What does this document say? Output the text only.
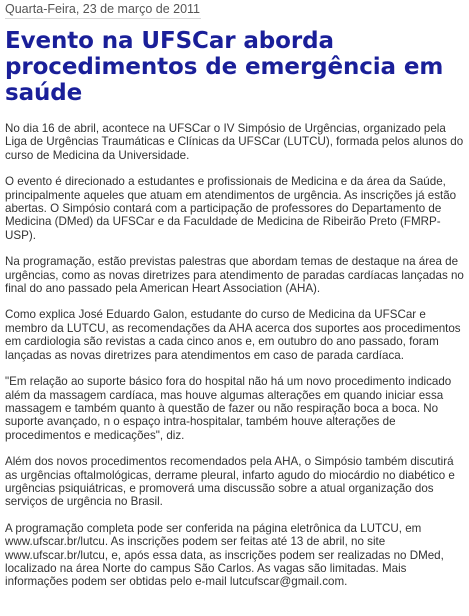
Quarta-Feira, 23 de março de 2011
Evento na UFSCar aborda procedimentos de emergência em saúde

No dia 16 de abril, acontece na UFSCar o IV Simpósio de Urgências, organizado pela Liga de Urgências Traumáticas e Clínicas da UFSCar (LUTCU), formada pelos alunos do curso de Medicina da Universidade.

O evento é direcionado a estudantes e profissionais de Medicina e da área da Saúde, principalmente aqueles que atuam em atendimentos de urgência. As inscrições já estão abertas. O Simpósio contará com a participação de professores do Departamento de Medicina (DMed) da UFSCar e da Faculdade de Medicina de Ribeirão Preto (FMRP-USP).

Na programação, estão previstas palestras que abordam temas de destaque na área de urgências, como as novas diretrizes para atendimento de paradas cardíacas lançadas no final do ano passado pela American Heart Association (AHA).

Como explica José Eduardo Galon, estudante do curso de Medicina da UFSCar e membro da LUTCU, as recomendações da AHA acerca dos suportes aos procedimentos em cardiologia são revistas a cada cinco anos e, em outubro do ano passado, foram lançadas as novas diretrizes para atendimentos em caso de parada cardíaca.

"Em relação ao suporte básico fora do hospital não há um novo procedimento indicado além da massagem cardíaca, mas houve algumas alterações em quando iniciar essa massagem e também quanto à questão de fazer ou não respiração boca a boca. No suporte avançado, n o espaço intra-hospitalar, também houve alterações de procedimentos e medicações", diz.

Além dos novos procedimentos recomendados pela AHA, o Simpósio também discutirá as urgências oftalmológicas, derrame pleural, infarto agudo do miocárdio no diabético e urgências psiquiátricas, e promoverá uma discussão sobre a atual organização dos serviços de urgência no Brasil.

A programação completa pode ser conferida na página eletrônica da LUTCU, em www.ufscar.br/lutcu. As inscrições podem ser feitas até 13 de abril, no site www.ufscar.br/lutcu, e, após essa data, as inscrições podem ser realizadas no DMed, localizado na área Norte do campus São Carlos. As vagas são limitadas. Mais informações podem ser obtidas pelo e-mail lutcufscar@gmail.com.
